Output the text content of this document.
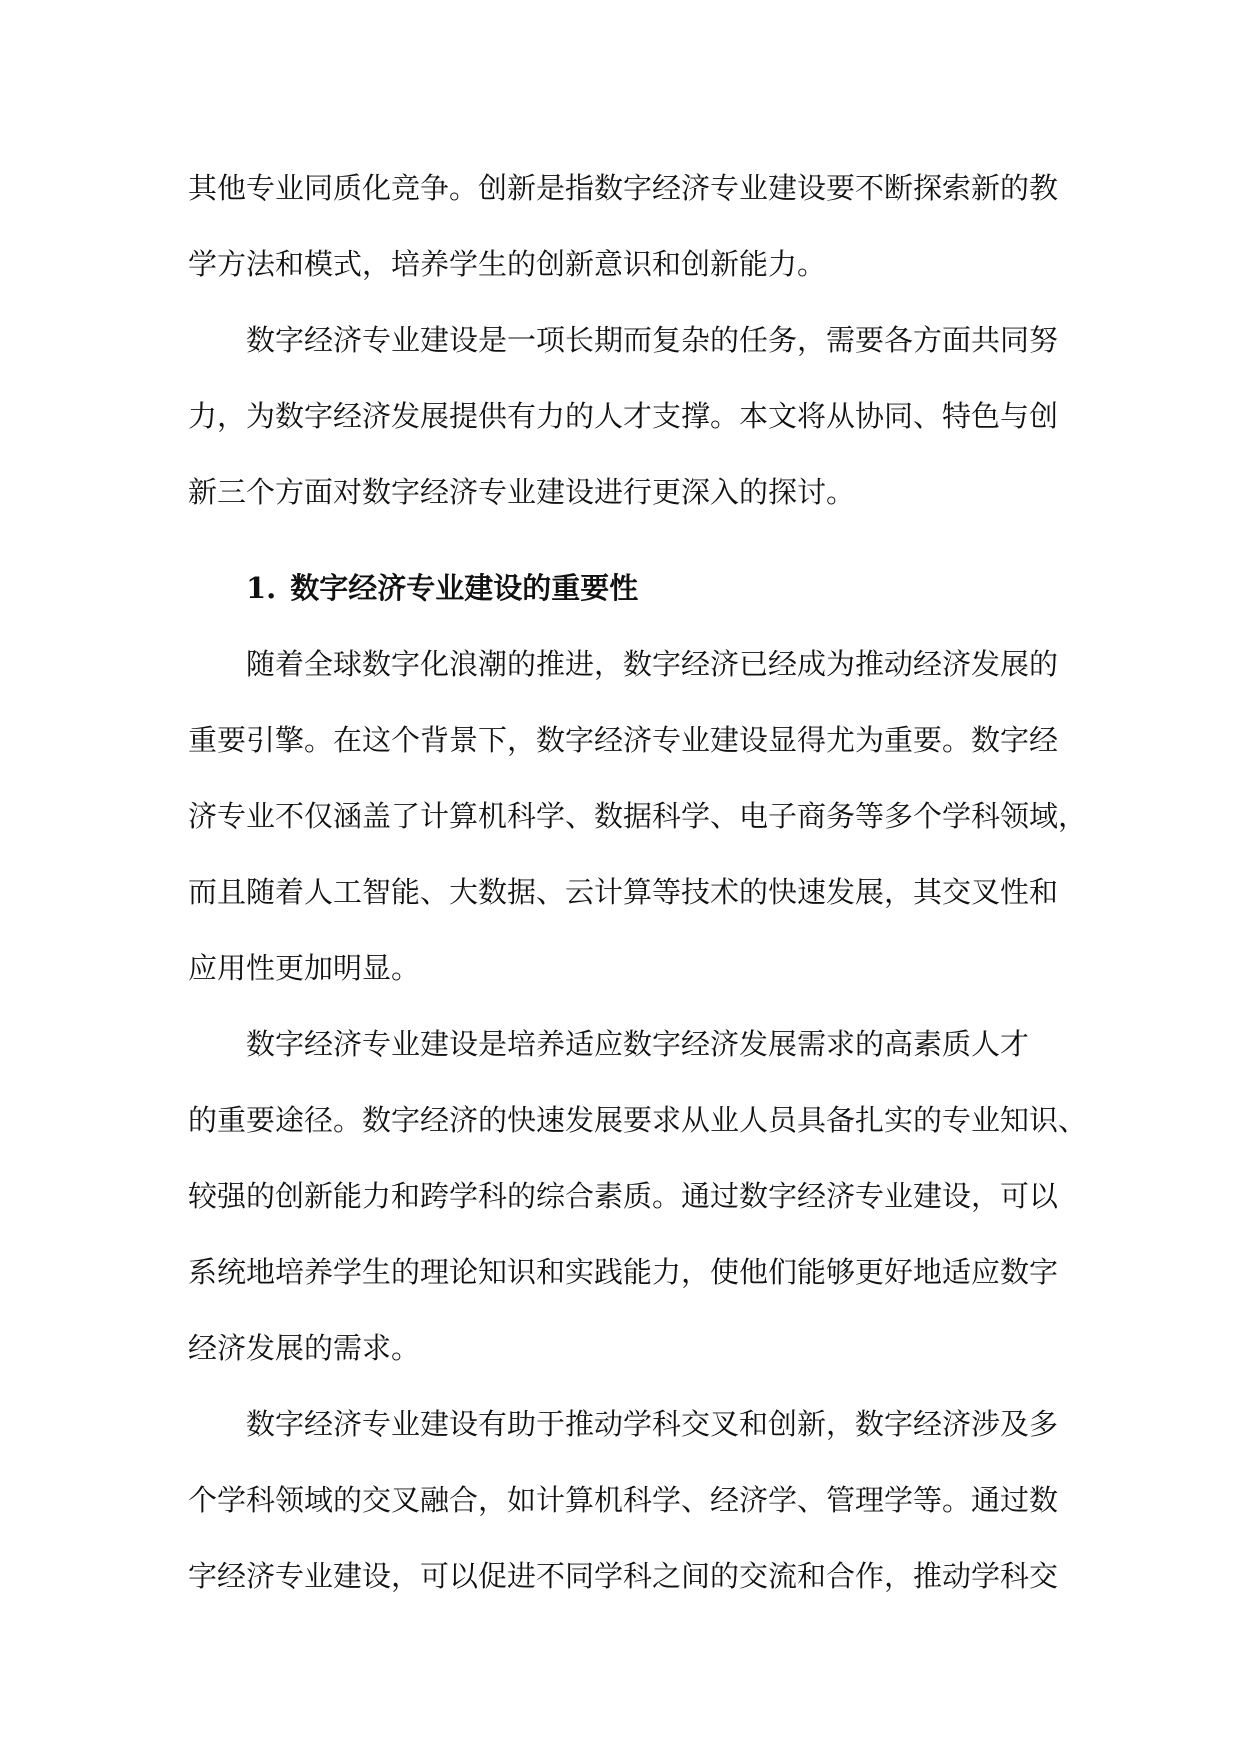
其他专业同质化竞争。创新是指数字经济专业建设要不断探索新的教
学方法和模式，培养学生的创新意识和创新能力。

数字经济专业建设是一项长期而复杂的任务，需要各方面共同努
力，为数字经济发展提供有力的人才支撑。本文将从协同、特色与创
新三个方面对数字经济专业建设进行更深入的探讨。

1. 数字经济专业建设的重要性

随着全球数字化浪潮的推进，数字经济已经成为推动经济发展的
重要引擎。在这个背景下，数字经济专业建设显得尤为重要。数字经
济专业不仅涵盖了计算机科学、数据科学、电子商务等多个学科领域，
而且随着人工智能、大数据、云计算等技术的快速发展，其交叉性和
应用性更加明显。

数字经济专业建设是培养适应数字经济发展需求的高素质人才
的重要途径。数字经济的快速发展要求从业人员具备扎实的专业知识、
较强的创新能力和跨学科的综合素质。通过数字经济专业建设，可以
系统地培养学生的理论知识和实践能力，使他们能够更好地适应数字
经济发展的需求。

数字经济专业建设有助于推动学科交叉和创新，数字经济涉及多
个学科领域的交叉融合，如计算机科学、经济学、管理学等。通过数
字经济专业建设，可以促进不同学科之间的交流和合作，推动学科交
